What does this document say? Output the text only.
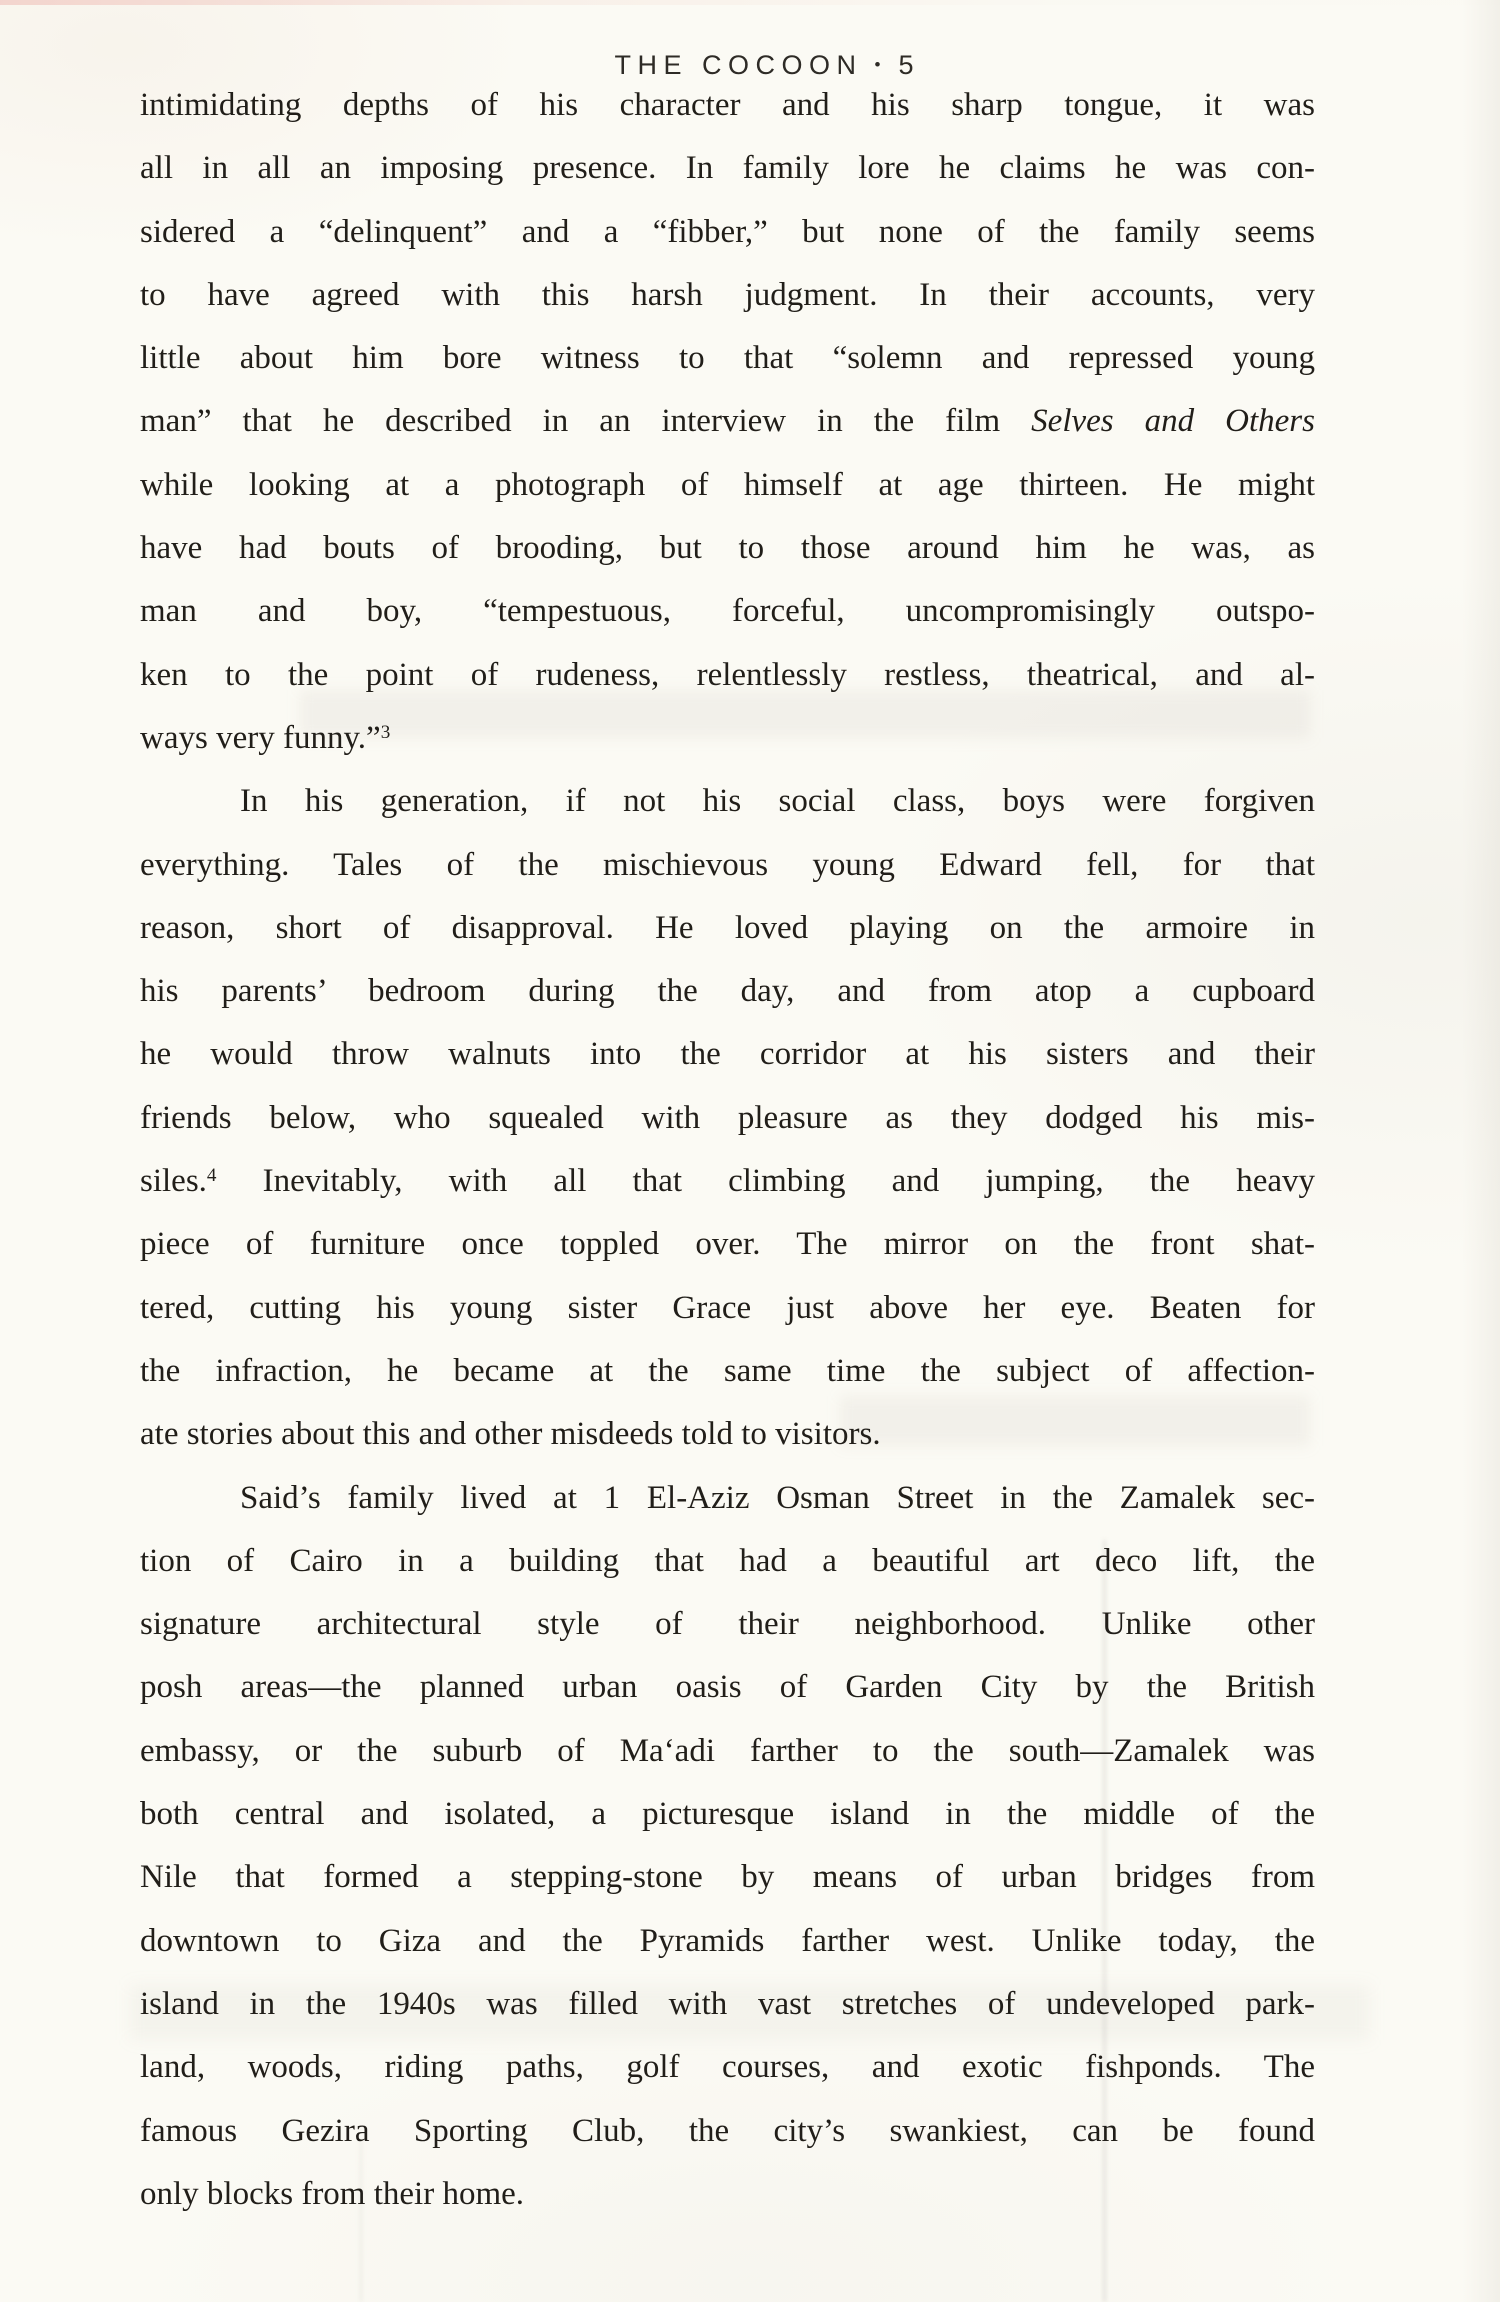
THE COCOON • 5
intimidating depths of his character and his sharp tongue, it was
all in all an imposing presence. In family lore he claims he was con-
sidered a “delinquent” and a “fibber,” but none of the family seems
to have agreed with this harsh judgment. In their accounts, very
little about him bore witness to that “solemn and repressed young
man” that he described in an interview in the film Selves and Others
while looking at a photograph of himself at age thirteen. He might
have had bouts of brooding, but to those around him he was, as
man and boy, “tempestuous, forceful, uncompromisingly outspo-
ken to the point of rudeness, relentlessly restless, theatrical, and al-
ways very funny.”$^3$
In his generation, if not his social class, boys were forgiven
everything. Tales of the mischievous young Edward fell, for that
reason, short of disapproval. He loved playing on the armoire in
his parents’ bedroom during the day, and from atop a cupboard
he would throw walnuts into the corridor at his sisters and their
friends below, who squealed with pleasure as they dodged his mis-
siles.$^4$ Inevitably, with all that climbing and jumping, the heavy
piece of furniture once toppled over. The mirror on the front shat-
tered, cutting his young sister Grace just above her eye. Beaten for
the infraction, he became at the same time the subject of affection-
ate stories about this and other misdeeds told to visitors.
Said’s family lived at 1 El-Aziz Osman Street in the Zamalek sec-
tion of Cairo in a building that had a beautiful art deco lift, the
signature architectural style of their neighborhood. Unlike other
posh areas—the planned urban oasis of Garden City by the British
embassy, or the suburb of Ma‘adi farther to the south—Zamalek was
both central and isolated, a picturesque island in the middle of the
Nile that formed a stepping-stone by means of urban bridges from
downtown to Giza and the Pyramids farther west. Unlike today, the
island in the 1940s was filled with vast stretches of undeveloped park-
land, woods, riding paths, golf courses, and exotic fishponds. The
famous Gezira Sporting Club, the city’s swankiest, can be found
only blocks from their home.
